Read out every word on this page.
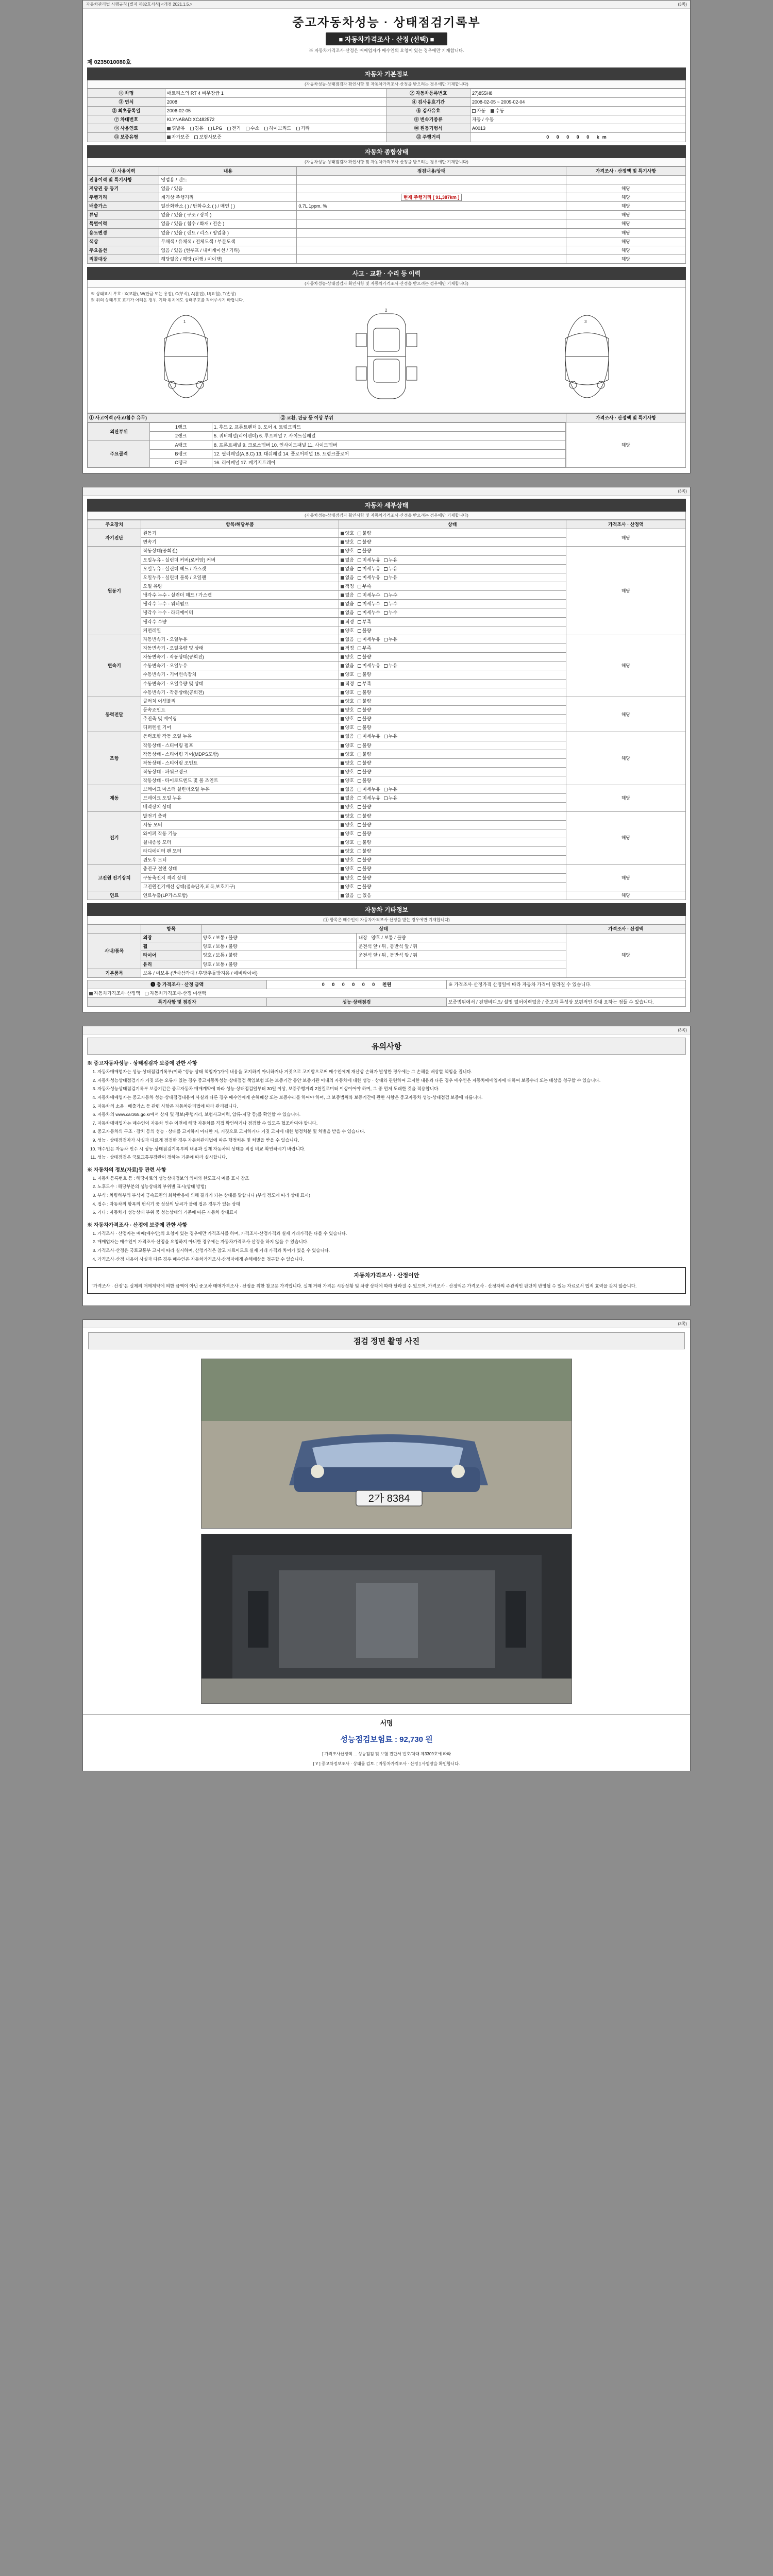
자동차관리법 시행규칙 [별지 제82호서식] <개정 2021.1.5.>	(3쪽)
중고자동차성능 · 상태점검기록부
■ 자동차가격조사 · 산정 (선택) ■
※ 자동차가격조사·산정은 매매업자가 매수인의 요청이 있는 경우에만 기재합니다.
제 0235010080호
자동차 기본정보
(자동차성능·상태점검자 확인사항 및 자동차가격조사·산정을 받으려는 경우에만 기재합니다)
① 차명	매트리스의 RT 4 비무장급 1	② 자동차등록번호	27)855H8
③ 연식	2008	④ 검사유효기간	2008-02-05 ~ 2009-02-04
⑤ 최초등록일	2006-02-05	⑥ 검사유효	자동 수동
⑦ 차대번호	KLYNABADIXC482572	⑧ 변속기종류	자동 / 수동
⑨ 사용연료	휘발유 경유 LPG 전기 수소 하이브리드 기타	⑩ 원동기형식	A0013
⑪ 보증유형	자가보증 보험사보증	⑫ 주행거리	0 0 0 0 0 km
자동차 종합상태
(자동차성능·상태점검자 확인사항 및 자동차가격조사·산정을 받으려는 경우에만 기재합니다)
① 사용이력	내용	점검내용/상태	가격조사 · 산정액 및 특기사항
전용이력 및 특기사항	영업용 / 렌트		
저당권 등 등기	없음 / 있음		해당
주행거리	계기상 주행거리	현재 주행거리 [ 91,387km ]	해당
배출가스	일산화탄소 ( ) / 탄화수소 ( ) / 매연 ( )	0.7L 1ppm. %	해당
튜닝	없음 / 있음 ( 구조 / 장치 )		해당
특별이력	없음 / 있음 ( 침수 / 화재 / 전손 )		해당
용도변경	없음 / 있음 ( 렌트 / 리스 / 영업용 )		해당
색상	무채색 / 유채색 / 전체도색 / 부분도색		해당
주요옵션	없음 / 있음 (썬루프 / 내비게이션 / 기타)		해당
리콜대상	해당없음 / 해당 (이행 / 미이행)		해당
사고 · 교환 · 수리 등 이력
(자동차성능·상태점검자 확인사항 및 자동차가격조사·산정을 받으려는 경우에만 기재합니다)
※ 상태표시 부호 : X(교환), W(판금 또는 용접), C(부식), A(흠집), U(요철), T(손상)
※ 위의 상태부호 표기가 어려운 경우, 기타 위치에도 상태부호를 적어주시기 바랍니다.
1
2
3
① 사고이력 (사고/침수 유무)	② 교환, 판금 등 이상 부위	가격조사 · 산정액 및 특기사항

외판부위	1랭크	1. 후드 2. 프론트펜더 3. 도어 4. 트렁크리드
2랭크	5. 쿼터패널(리어펜더) 6. 루프패널 7. 사이드실패널
주요골격	A랭크	8. 프론트패널 9. 크로스멤버 10. 인사이드패널 11. 사이드멤버
B랭크	12. 필러패널(A,B,C) 13. 대쉬패널 14. 플로어패널 15. 트렁크플로어
C랭크	16. 리어패널 17. 패키지트레이
	해당
(3쪽)
자동차 세부상태
(자동차성능·상태점검자 확인사항 및 자동차가격조사·산정을 받으려는 경우에만 기재합니다)
주요장치	항목/해당부품	상태	가격조사 · 산정액
자기진단	원동기	양호 불량	해당
	변속기	양호 불량	
원동기	작동상태(공회전)	양호 불량	해당
	오일누유 - 실린더 커버(로커암) 커버	없음 미세누유 누유	
	오일누유 - 실린더 헤드 / 가스켓	없음 미세누유 누유	
	오일누유 - 실린더 블록 / 오일팬	없음 미세누유 누유	
	오일 유량	적정 부족	
	냉각수 누수 - 실린더 헤드 / 가스켓	없음 미세누수 누수	
	냉각수 누수 - 워터펌프	없음 미세누수 누수	
	냉각수 누수 - 라디에이터	없음 미세누수 누수	
	냉각수 수량	적정 부족	
	커먼레일	양호 불량	
변속기	자동변속기 - 오일누유	없음 미세누유 누유	해당
	자동변속기 - 오일유량 및 상태	적정 부족	
	자동변속기 - 작동상태(공회전)	양호 불량	
	수동변속기 - 오일누유	없음 미세누유 누유	
	수동변속기 - 기어변속장치	양호 불량	
	수동변속기 - 오일유량 및 상태	적정 부족	
	수동변속기 - 작동상태(공회전)	양호 불량	
동력전달	클러치 어셈블리	양호 불량	해당
	등속죠인트	양호 불량	
	추진축 및 베어링	양호 불량	
	디퍼렌셜 기어	양호 불량	
조향	동력조향 작동 오일 누유	없음 미세누유 누유	해당
	작동상태 - 스티어링 펌프	양호 불량	
	작동상태 - 스티어링 기어(MDPS포함)	양호 불량	
	작동상태 - 스티어링 조인트	양호 불량	
	작동상태 - 파워크랭크	양호 불량	
	작동상태 - 타이로드엔드 및 볼 조인트	양호 불량	
제동	브레이크 마스터 실린더오일 누유	없음 미세누유 누유	해당
	브레이크 오일 누유	없음 미세누유 누유	
	배력장치 상태	양호 불량	
전기	발전기 출력	양호 불량	해당
	시동 모터	양호 불량	
	와이퍼 작동 기능	양호 불량	
	실내송풍 모터	양호 불량	
	라디에이터 팬 모터	양호 불량	
	윈도우 모터	양호 불량	
고전원 전기장치	충전구 절연 상태	양호 불량	해당
	구동축전지 격리 상태	양호 불량	
	고전원전기배선 상태(접속단자,피복,보호기구)	양호 불량	
연료	연료누출(LP가스포함)	없음 있음	해당
자동차 기타정보
(① 항목은 매수인이 자동차가격조사·산정을 받는 경우에만 기재합니다)
	항목	상태		가격조사 · 산정액
사내/품목	외장	양호 / 보통 / 불량	내장 양호 / 보통 / 불량	해당
	휠	양호 / 보통 / 불량	운전석 앞 / 뒤 , 동반석 앞 / 뒤	
	타이어	양호 / 보통 / 불량	운전석 앞 / 뒤 , 동반석 앞 / 뒤	
	유리	양호 / 보통 / 불량		
기본품목	보유 / 미보유 (반사삼각대 / 후방추돌방지용 / 예비타이어)			
❽ 총 가격조사 · 산정 금액	0 0 0 0 0 0 천원	※ 가격조사·산정가격 산정일에 따라 자동차 가격이 달라질 수 있습니다.
자동차가격조사·산정액 자동차가격조사·산정 미선택		
특기사항 및 점검자	성능·상태점검	보증범위에서 / 진행비디오/ 설명 없어이력없음 / 중고차 특성상 보편적인 감내 요하는 점들 수 있습니다.
(3쪽)
유의사항
※ 중고자동차성능 · 상태점검자 보증에 관한 사항
1. 자동차매매업자는 성능·상태점검기록부(이하 "성능·상태 책임자")가에 내용을 고지하지 아니하거나 거짓으로 고지함으로써 매수인에게 재산상 손해가 발생한 경우에는 그 손해를 배상할 책임을 집니다.
2. 자동차성능상태점검기가 거짓 또는 오류가 있는 경우 중고자동차성능·상태점검 책임보험 또는 보증기간 동안 보증기관 이내의 자동차에 대한 성능 · 상태와 관련하여 고지한 내용과 다른 경우 매수인은 자동차매매업자에 대하여 보증수리 또는 배상을 청구할 수 있습니다.
3. 자동차성능상태점검기록부 보증기간은 중고자동차 매매계약에 따라 성능·상태점검일부터 30일 이상, 보증주행거리 2천킬로미터 이상이어야 하며, 그 중 먼저 도래한 것을 적용합니다.
4. 자동차매매업자는 중고자동차 성능·상태점검내용이 사실과 다른 경우 매수인에게 손해배상 또는 보증수리를 하여야 하며, 그 보증범위와 보증기간에 관한 사항은 중고자동차 성능·상태점검 보증에 따릅니다.
5. 자동차의 소음 · 배출가스 등 관련 사항은 자동차관리법에 따라 관리됩니다.
6. 자동차의 www.car365.go.kr에서 상세 및 정보(주행거리, 보험사고이력, 압류·저당 등)를 확인할 수 있습니다.
7. 자동차매매업자는 매수인이 자동차 인수 이전에 해당 자동차를 직접 확인하거나 점검할 수 있도록 협조하여야 합니다.
8. 중고자동차의 구조 · 장치 등의 성능 · 상태를 고지하지 아니한 자, 거짓으로 고지하거나 거짓 고지에 대한 행정처분 및 처벌을 받을 수 있습니다.
9. 성능 · 상태점검자가 사실과 다르게 점검한 경우 자동차관리법에 따른 행정처분 및 처벌을 받을 수 있습니다.
10. 매수인은 자동차 인수 시 성능·상태점검기록부의 내용과 실제 자동차의 상태를 직접 비교·확인하시기 바랍니다.
11. 성능 · 상태점검은 국토교통부장관이 정하는 기준에 따라 실시합니다.
※ 자동차의 정보(자료)등 관련 사항
1. 자동차등록번호 등 : 해당자료의 성능상태정보의 의미와 한도표시 예를 표시 참조
2. 노후도수 : 해당부분의 성능상태의 부위별 표시(상태 방법)
3. 부식 : 차량하부의 부식이 금속표면의 화학반응에 의해 결과가 되는 상태를 말합니다 (부식 정도에 따라 상태 표시)
4. 접수 : 자동차의 항목의 번식기 중 성상의 날씨가 불에 접은 경우가 있는 상태
5. 기타 : 자동차가 성능상태 부위 중 성능상태의 기준에 따른 자동차 상태표시
※ 자동차가격조사 · 산정에 보증에 관한 사항
1. 가격조사 · 산정자는 매매(매수인)의 요청이 있는 경우에만 가격조사를 하며, 가격조사·산정가격과 실제 거래가격은 다를 수 있습니다.
2. 매매업자는 매수인이 가격조사·산정을 요청하지 아니한 경우에는 자동차가격조사·산정을 하지 않을 수 있습니다.
3. 가격조사·산정은 국토교통부 고시에 따라 실시하며, 산정가격은 참고 자료이므로 실제 거래 가격과 차이가 있을 수 있습니다.
4. 가격조사·산정 내용이 사실과 다른 경우 매수인은 자동차가격조사·산정자에게 손해배상을 청구할 수 있습니다.
자동차가격조사 · 산정이안
"가격조사 · 산정"은 실제의 매매계약에 의한 금액이 아닌 중고차 매매가격조사 · 산정을 위한 참고용 가격입니다. 실제 거래 가격은 시장상황 및 차량 상태에 따라 달라질 수 있으며, 가격조사 · 산정액은 가격조사 · 산정자의 주관적인 판단이 반영될 수 있는 자료로서 법적 효력을 갖지 않습니다.
(3쪽)
점검 정면 촬영 사진
2가 8384
서명
성능점검보험료 : 92,730 원
[ 가격조사산정액 ... 성능점검 및 보험 진단서 번호/차대 제3309호에 따라
[ Y ] 중고차정보조사 · 상태를 검토. [ 자동차가격조사 · 산정 ] 사업장을 확인합니다.
